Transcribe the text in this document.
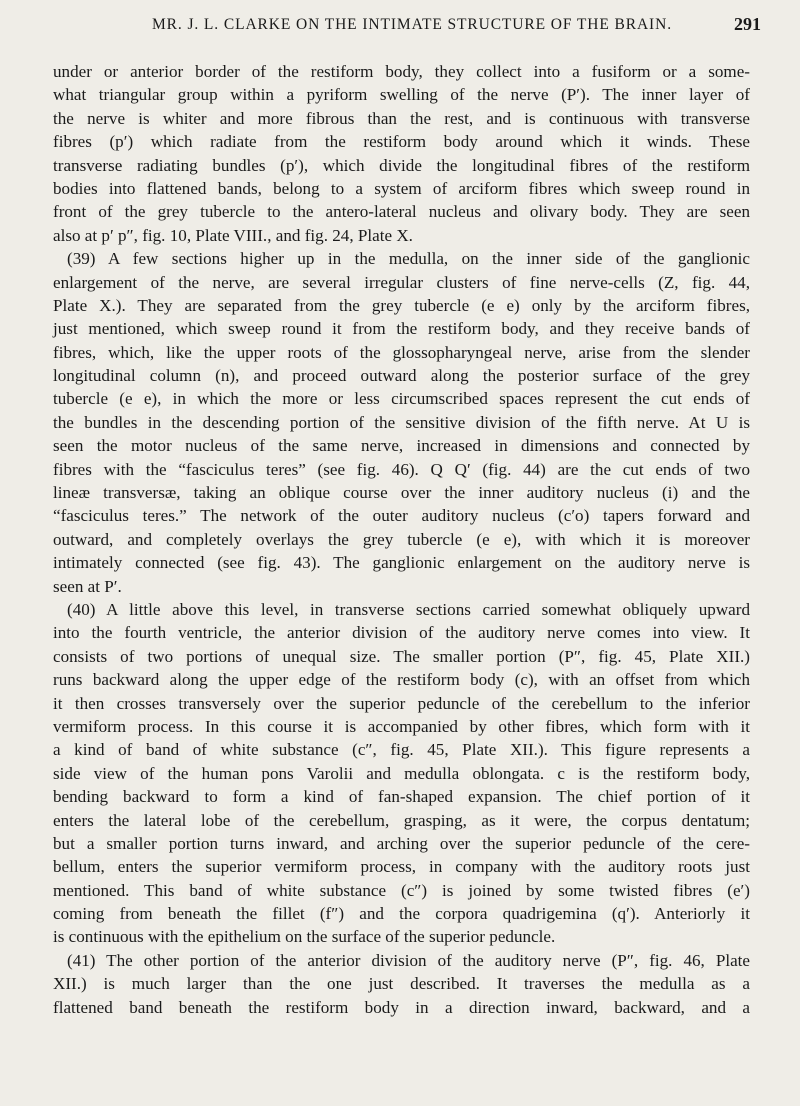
MR. J. L. CLARKE ON THE INTIMATE STRUCTURE OF THE BRAIN.	291
under or anterior border of the restiform body, they collect into a fusiform or a some-
what triangular group within a pyriform swelling of the nerve (P′). The inner layer of
the nerve is whiter and more fibrous than the rest, and is continuous with transverse
fibres (p′) which radiate from the restiform body around which it winds. These
transverse radiating bundles (p′), which divide the longitudinal fibres of the restiform
bodies into flattened bands, belong to a system of arciform fibres which sweep round in
front of the grey tubercle to the antero-lateral nucleus and olivary body. They are seen
also at p′ p″, fig. 10, Plate VIII., and fig. 24, Plate X.
(39) A few sections higher up in the medulla, on the inner side of the ganglionic
enlargement of the nerve, are several irregular clusters of fine nerve-cells (Z, fig. 44,
Plate X.). They are separated from the grey tubercle (e e) only by the arciform fibres,
just mentioned, which sweep round it from the restiform body, and they receive bands of
fibres, which, like the upper roots of the glossopharyngeal nerve, arise from the slender
longitudinal column (n), and proceed outward along the posterior surface of the grey
tubercle (e e), in which the more or less circumscribed spaces represent the cut ends of
the bundles in the descending portion of the sensitive division of the fifth nerve. At U is
seen the motor nucleus of the same nerve, increased in dimensions and connected by
fibres with the “fasciculus teres” (see fig. 46). Q Q′ (fig. 44) are the cut ends of two
lineæ transversæ, taking an oblique course over the inner auditory nucleus (i) and the
“fasciculus teres.” The network of the outer auditory nucleus (c′o) tapers forward and
outward, and completely overlays the grey tubercle (e e), with which it is moreover
intimately connected (see fig. 43). The ganglionic enlargement on the auditory nerve is
seen at P′.
(40) A little above this level, in transverse sections carried somewhat obliquely upward
into the fourth ventricle, the anterior division of the auditory nerve comes into view. It
consists of two portions of unequal size. The smaller portion (P″, fig. 45, Plate XII.)
runs backward along the upper edge of the restiform body (c), with an offset from which
it then crosses transversely over the superior peduncle of the cerebellum to the inferior
vermiform process. In this course it is accompanied by other fibres, which form with it
a kind of band of white substance (c″, fig. 45, Plate XII.). This figure represents a
side view of the human pons Varolii and medulla oblongata. c is the restiform body,
bending backward to form a kind of fan-shaped expansion. The chief portion of it
enters the lateral lobe of the cerebellum, grasping, as it were, the corpus dentatum;
but a smaller portion turns inward, and arching over the superior peduncle of the cere-
bellum, enters the superior vermiform process, in company with the auditory roots just
mentioned. This band of white substance (c″) is joined by some twisted fibres (e′)
coming from beneath the fillet (f″) and the corpora quadrigemina (q′). Anteriorly it
is continuous with the epithelium on the surface of the superior peduncle.
(41) The other portion of the anterior division of the auditory nerve (P″, fig. 46, Plate
XII.) is much larger than the one just described. It traverses the medulla as a
flattened band beneath the restiform body in a direction inward, backward, and a
